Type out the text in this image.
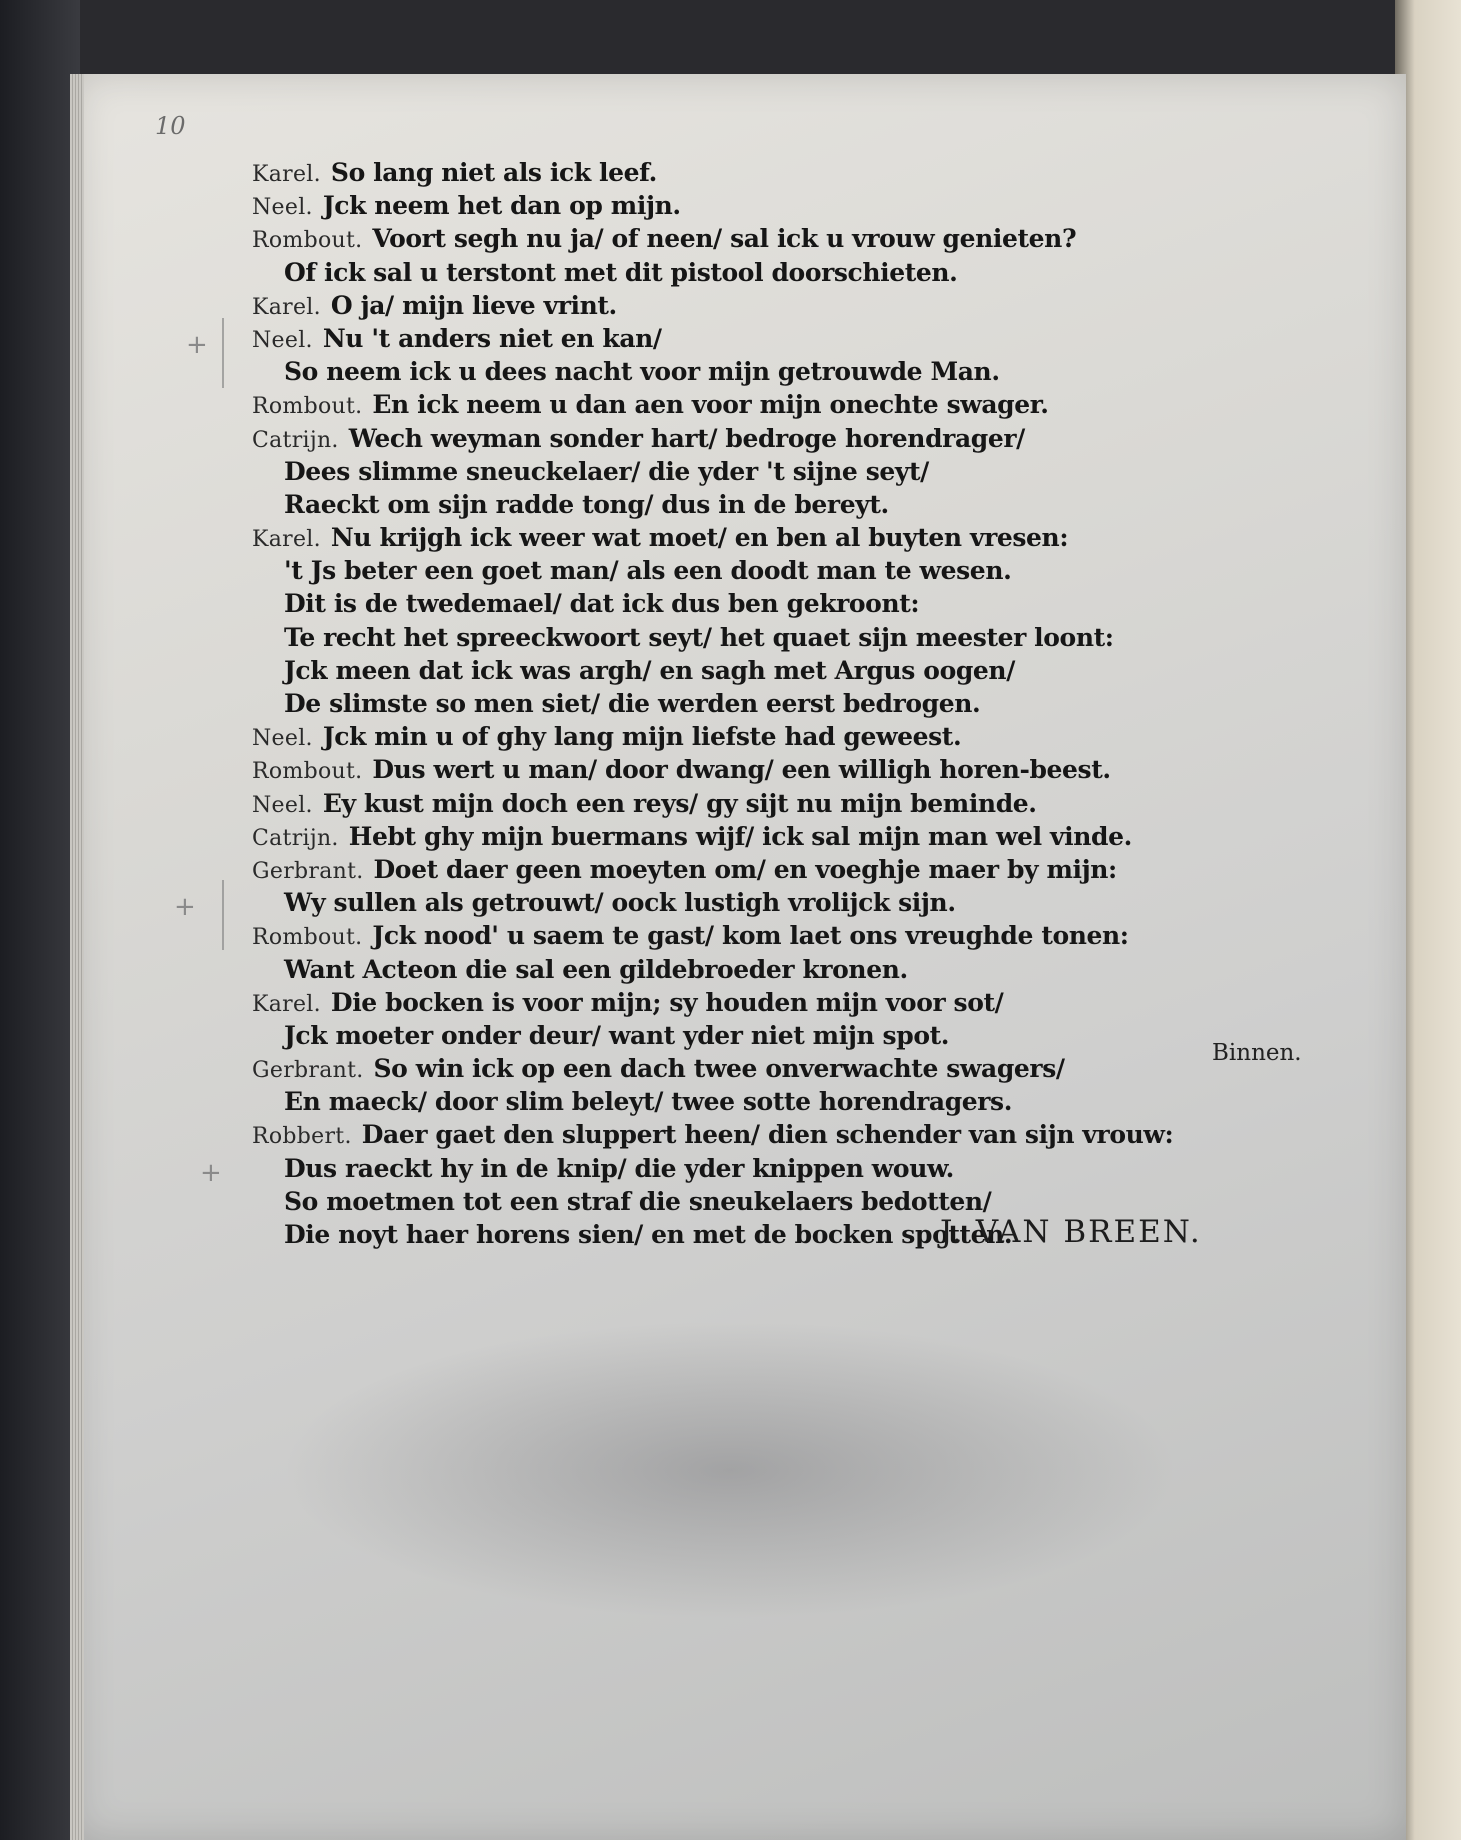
10
+
+
+
Karel. So lang niet als ick leef.
Neel. Jck neem het dan op mijn.
Rombout. Voort segh nu ja/ of neen/ sal ick u vrouw genieten?
Of ick sal u terstont met dit pistool doorschieten.
Karel. O ja/ mijn lieve vrint.
Neel. Nu 't anders niet en kan/
So neem ick u dees nacht voor mijn getrouwde Man.
Rombout. En ick neem u dan aen voor mijn onechte swager.
Catrijn. Wech weyman sonder hart/ bedroge horendrager/
Dees slimme sneuckelaer/ die yder 't sijne seyt/
Raeckt om sijn radde tong/ dus in de bereyt.
Karel. Nu krijgh ick weer wat moet/ en ben al buyten vresen:
't Js beter een goet man/ als een doodt man te wesen.
Dit is de twedemael/ dat ick dus ben gekroont:
Te recht het spreeckwoort seyt/ het quaet sijn meester loont:
Jck meen dat ick was argh/ en sagh met Argus oogen/
De slimste so men siet/ die werden eerst bedrogen.
Neel. Jck min u of ghy lang mijn liefste had geweest.
Rombout. Dus wert u man/ door dwang/ een willigh horen-beest.
Neel. Ey kust mijn doch een reys/ gy sijt nu mijn beminde.
Catrijn. Hebt ghy mijn buermans wijf/ ick sal mijn man wel vinde.
Gerbrant. Doet daer geen moeyten om/ en voeghje maer by mijn:
Wy sullen als getrouwt/ oock lustigh vrolijck sijn.
Rombout. Jck nood' u saem te gast/ kom laet ons vreughde tonen:
Want Acteon die sal een gildebroeder kronen.
Karel. Die bocken is voor mijn; sy houden mijn voor sot/
Jck moeter onder deur/ want yder niet mijn spot.
Gerbrant. So win ick op een dach twee onverwachte swagers/
En maeck/ door slim beleyt/ twee sotte horendragers.
Robbert. Daer gaet den sluppert heen/ dien schender van sijn vrouw:
Dus raeckt hy in de knip/ die yder knippen wouw.
So moetmen tot een straf die sneukelaers bedotten/
Die noyt haer horens sien/ en met de bocken spotten.
Binnen.
J. VAN BREEN.
